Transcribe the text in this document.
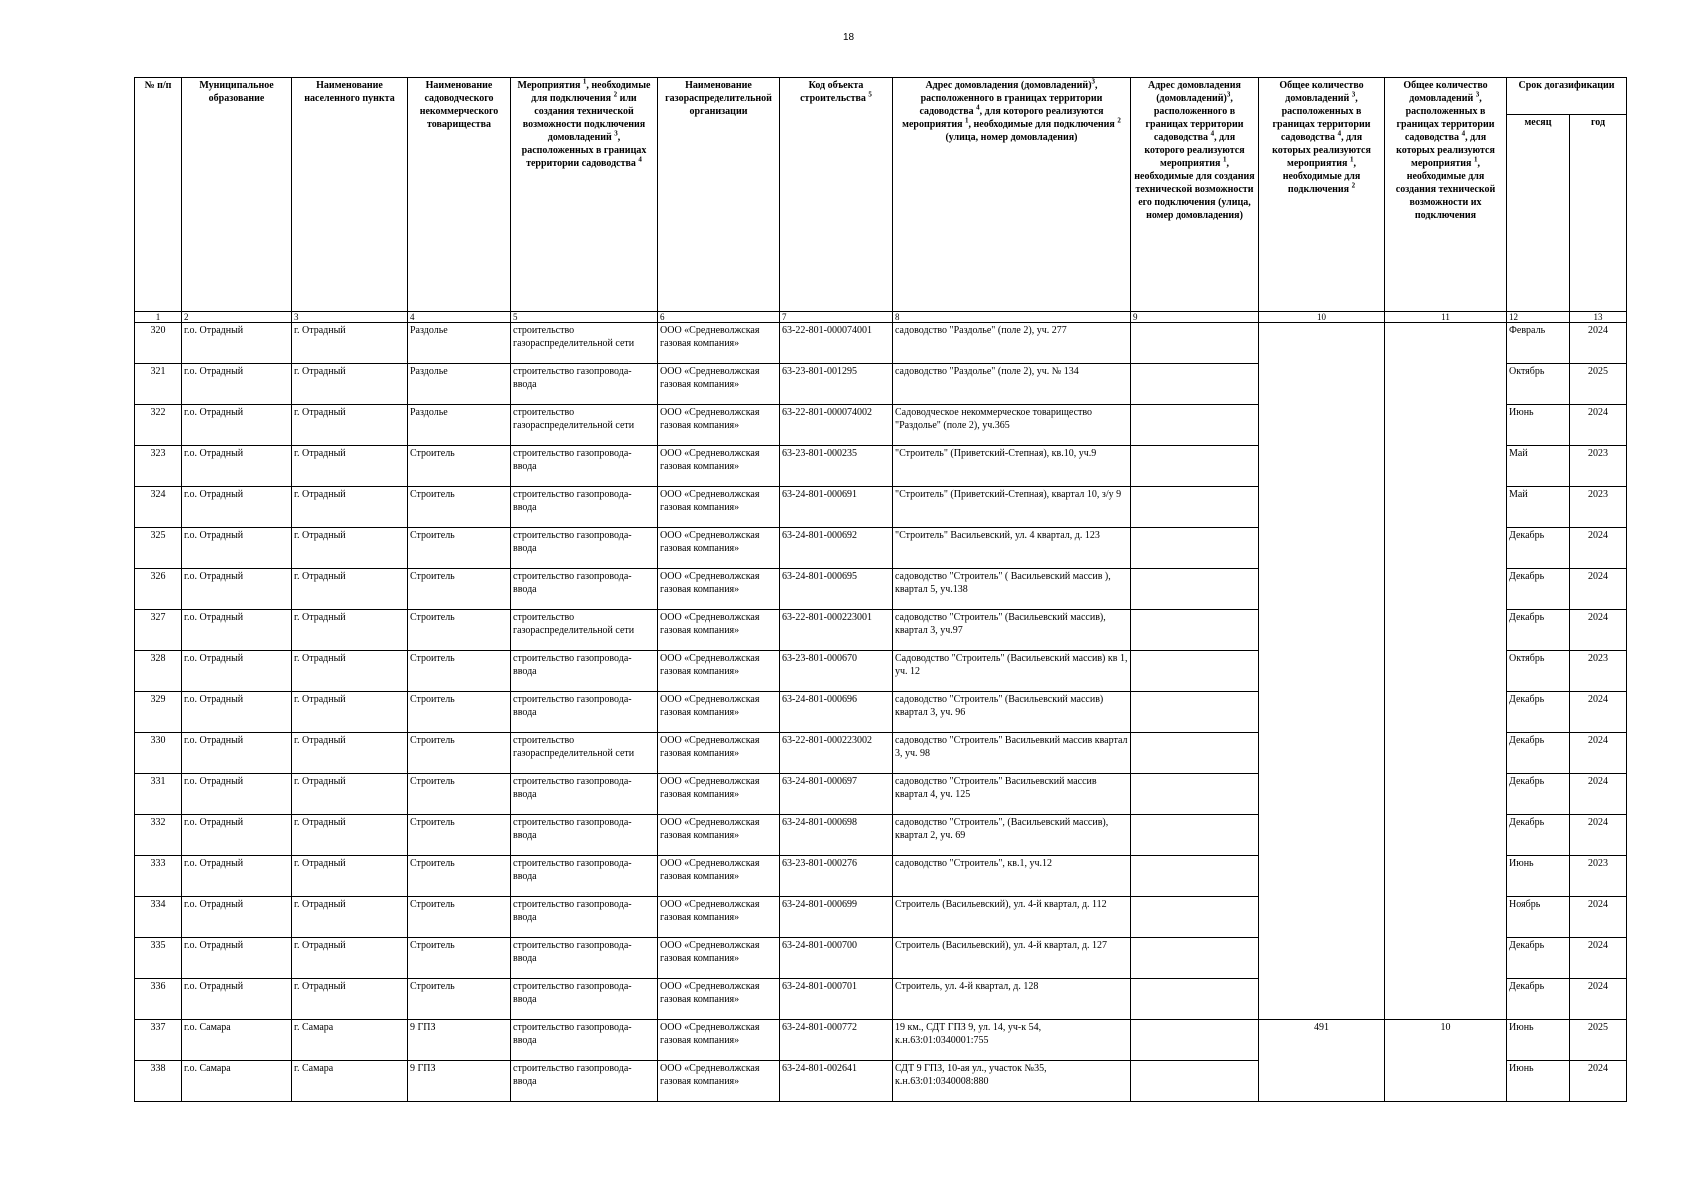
18
№ п/п	Муниципальное образование	Наименование населенного пункта	Наименование садоводческого некоммерческого товарищества	Мероприятия $^1$, необходимые для подключения $^2$ или создания технической возможности подключения домовладений $^3$, расположенных в границах территории садоводства $^4$	Наименование газораспределительной организации	Код объекта строительства $^5$	Адрес домовладения (домовладений)$^3$, расположенного в границах территории садоводства $^4$, для которого реализуются мероприятия $^1$, необходимые для подключения $^2$ (улица, номер домовладения)	Адрес домовладения (домовладений)$^3$, расположенного в границах территории садоводства $^4$, для которого реализуются мероприятия $^1$, необходимые для создания технической возможности его подключения (улица, номер домовладения)	Общее количество домовладений $^3$, расположенных в границах территории садоводства $^4$, для которых реализуются мероприятия $^1$, необходимые для подключения $^2$	Общее количество домовладений $^3$, расположенных в границах территории садоводства $^4$, для которых реализуются мероприятия $^1$, необходимые для создания технической возможности их подключения	Срок догазификации	
											месяц	год
1	2	3	4	5	6	7	8	9	10	11	12	13
320	г.о. Отрадный	г. Отрадный	Раздолье	строительство газораспределительной сети	ООО «Средневолжская газовая компания»	63-22-801-000074001	садоводство "Раздолье" (поле 2), уч. 277				Февраль	2024
321	г.о. Отрадный	г. Отрадный	Раздолье	строительство газопровода-ввода	ООО «Средневолжская газовая компания»	63-23-801-001295	садоводство "Раздолье" (поле 2), уч. № 134				Октябрь	2025
322	г.о. Отрадный	г. Отрадный	Раздолье	строительство газораспределительной сети	ООО «Средневолжская газовая компания»	63-22-801-000074002	Садоводческое некоммерческое товарищество "Раздолье" (поле 2), уч.365				Июнь	2024
323	г.о. Отрадный	г. Отрадный	Строитель	строительство газопровода-ввода	ООО «Средневолжская газовая компания»	63-23-801-000235	"Строитель" (Приветский-Степная), кв.10, уч.9				Май	2023
324	г.о. Отрадный	г. Отрадный	Строитель	строительство газопровода-ввода	ООО «Средневолжская газовая компания»	63-24-801-000691	"Строитель" (Приветский-Степная), квартал 10, з/у 9				Май	2023
325	г.о. Отрадный	г. Отрадный	Строитель	строительство газопровода-ввода	ООО «Средневолжская газовая компания»	63-24-801-000692	"Строитель" Васильевский, ул. 4 квартал, д. 123				Декабрь	2024
326	г.о. Отрадный	г. Отрадный	Строитель	строительство газопровода-ввода	ООО «Средневолжская газовая компания»	63-24-801-000695	садоводство "Строитель" ( Васильевский массив ), квартал 5, уч.138				Декабрь	2024
327	г.о. Отрадный	г. Отрадный	Строитель	строительство газораспределительной сети	ООО «Средневолжская газовая компания»	63-22-801-000223001	садоводство "Строитель" (Васильевский массив), квартал 3, уч.97				Декабрь	2024
328	г.о. Отрадный	г. Отрадный	Строитель	строительство газопровода-ввода	ООО «Средневолжская газовая компания»	63-23-801-000670	Садоводство "Строитель" (Васильевский массив) кв 1, уч. 12				Октябрь	2023
329	г.о. Отрадный	г. Отрадный	Строитель	строительство газопровода-ввода	ООО «Средневолжская газовая компания»	63-24-801-000696	садоводство "Строитель" (Васильевский массив) квартал 3, уч. 96				Декабрь	2024
330	г.о. Отрадный	г. Отрадный	Строитель	строительство газораспределительной сети	ООО «Средневолжская газовая компания»	63-22-801-000223002	садоводство "Строитель" Васильевкий массив квартал 3, уч. 98				Декабрь	2024
331	г.о. Отрадный	г. Отрадный	Строитель	строительство газопровода-ввода	ООО «Средневолжская газовая компания»	63-24-801-000697	садоводство "Строитель" Васильевский массив квартал 4, уч. 125				Декабрь	2024
332	г.о. Отрадный	г. Отрадный	Строитель	строительство газопровода-ввода	ООО «Средневолжская газовая компания»	63-24-801-000698	садоводство "Строитель", (Васильевский массив), квартал 2, уч. 69				Декабрь	2024
333	г.о. Отрадный	г. Отрадный	Строитель	строительство газопровода-ввода	ООО «Средневолжская газовая компания»	63-23-801-000276	садоводство "Строитель", кв.1, уч.12				Июнь	2023
334	г.о. Отрадный	г. Отрадный	Строитель	строительство газопровода-ввода	ООО «Средневолжская газовая компания»	63-24-801-000699	Строитель (Васильевский), ул. 4-й квартал, д. 112				Ноябрь	2024
335	г.о. Отрадный	г. Отрадный	Строитель	строительство газопровода-ввода	ООО «Средневолжская газовая компания»	63-24-801-000700	Строитель (Васильевский), ул. 4-й квартал, д. 127				Декабрь	2024
336	г.о. Отрадный	г. Отрадный	Строитель	строительство газопровода-ввода	ООО «Средневолжская газовая компания»	63-24-801-000701	Строитель, ул. 4-й квартал, д. 128				Декабрь	2024
337	г.о. Самара	г. Самара	9 ГПЗ	строительство газопровода-ввода	ООО «Средневолжская газовая компания»	63-24-801-000772	19 км., СДТ ГПЗ 9, ул. 14, уч-к 54, к.н.63:01:0340001:755		491	10	Июнь	2025
338	г.о. Самара	г. Самара	9 ГПЗ	строительство газопровода-ввода	ООО «Средневолжская газовая компания»	63-24-801-002641	СДТ 9 ГПЗ, 10-ая ул., участок №35, к.н.63:01:0340008:880				Июнь	2024
